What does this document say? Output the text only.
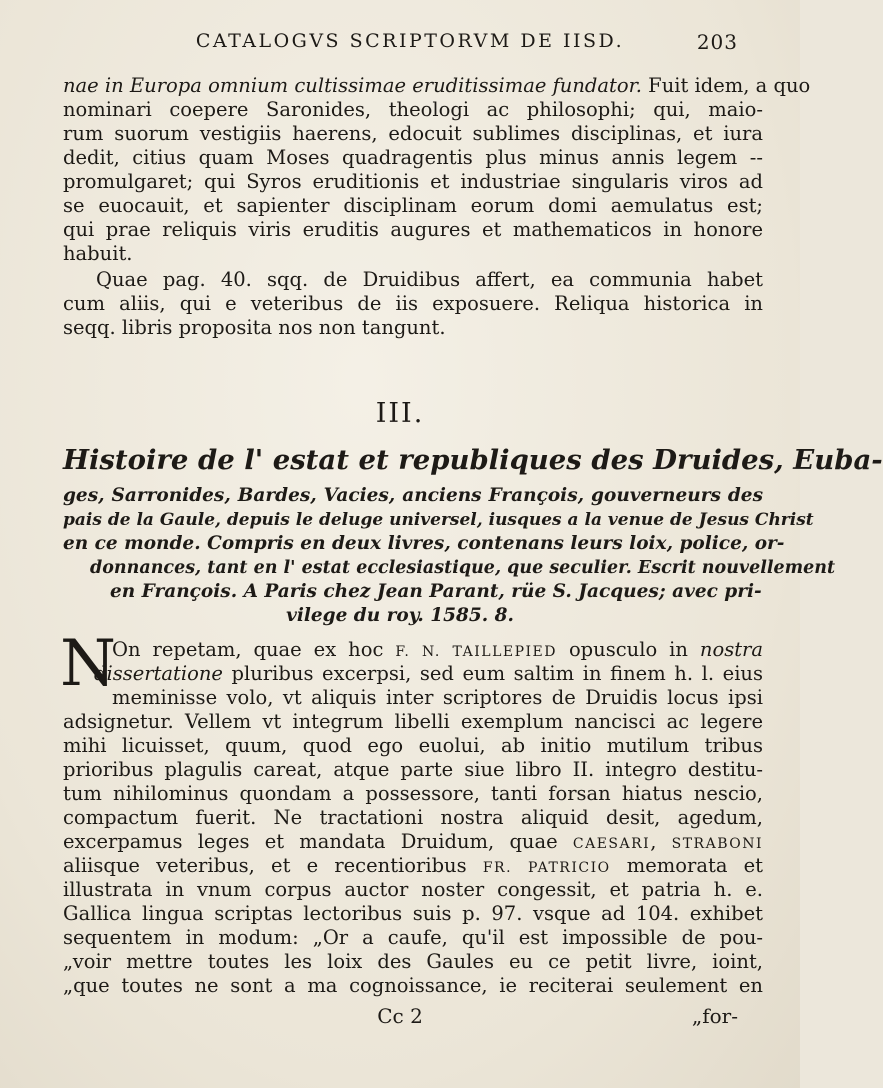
CATALOGVS SCRIPTORVM DE IISD.	203
nae in Europa omnium cultissimae eruditissimae fundator. Fuit idem, a quo
nominari coepere Saronides, theologi ac philosophi; qui, maio-
rum suorum vestigiis haerens, edocuit sublimes disciplinas, et iura
dedit, citius quam Moses quadragentis plus minus annis legem --
promulgaret; qui Syros eruditionis et industriae singularis viros ad
se euocauit, et sapienter disciplinam eorum domi aemulatus est;
qui prae reliquis viris eruditis augures et mathematicos in honore
habuit.
Quae pag. 40. sqq. de Druidibus affert, ea communia habet
cum aliis, qui e veteribus de iis exposuere. Reliqua historica in
seqq. libris proposita nos non tangunt.
III.
Histoire de l' estat et republiques des Druides, Euba-
ges, Sarronides, Bardes, Vacies, anciens François, gouverneurs des
pais de la Gaule, depuis le deluge universel, iusques a la venue de Jesus Christ
en ce monde. Compris en deux livres, contenans leurs loix, police, or-
donnances, tant en l' estat ecclesiastique, que seculier. Escrit nouvellement
en François. A Paris chez Jean Parant, rüe S. Jacques; avec pri-
vilege du roy. 1585. 8.
N
On repetam, quae ex hoc F. N. TAILLEPIED opusculo in nostra
dissertatione pluribus excerpsi, sed eum saltim in finem h. l. eius
meminisse volo, vt aliquis inter scriptores de Druidis locus ipsi
adsignetur. Vellem vt integrum libelli exemplum nanciscі ac legere
mihi licuisset, quum, quod ego euolui, ab initio mutilum tribus
prioribus plagulis careat, atque parte siue libro II. integro destitu-
tum nihilominus quondam a possessore, tanti forsan hiatus nescio,
compactum fuerit. Ne tractationi nostra aliquid desit, agedum,
excerpamus leges et mandata Druidum, quae CAESARI, STRABONI
aliisque veteribus, et e recentioribus FR. PATRICIO memorata et
illustrata in vnum corpus auctor noster congessit, et patria h. e.
Gallica lingua scriptas lectoribus suis p. 97. vsque ad 104. exhibet
sequentem in modum: „Or a caufe, qu'il est impossible de pou-
„voir mettre toutes les loix des Gaules eu ce petit livre, ioint,
„que toutes ne sont a ma cognoissance, ie reciterai seulement en
Cc 2	„for-
